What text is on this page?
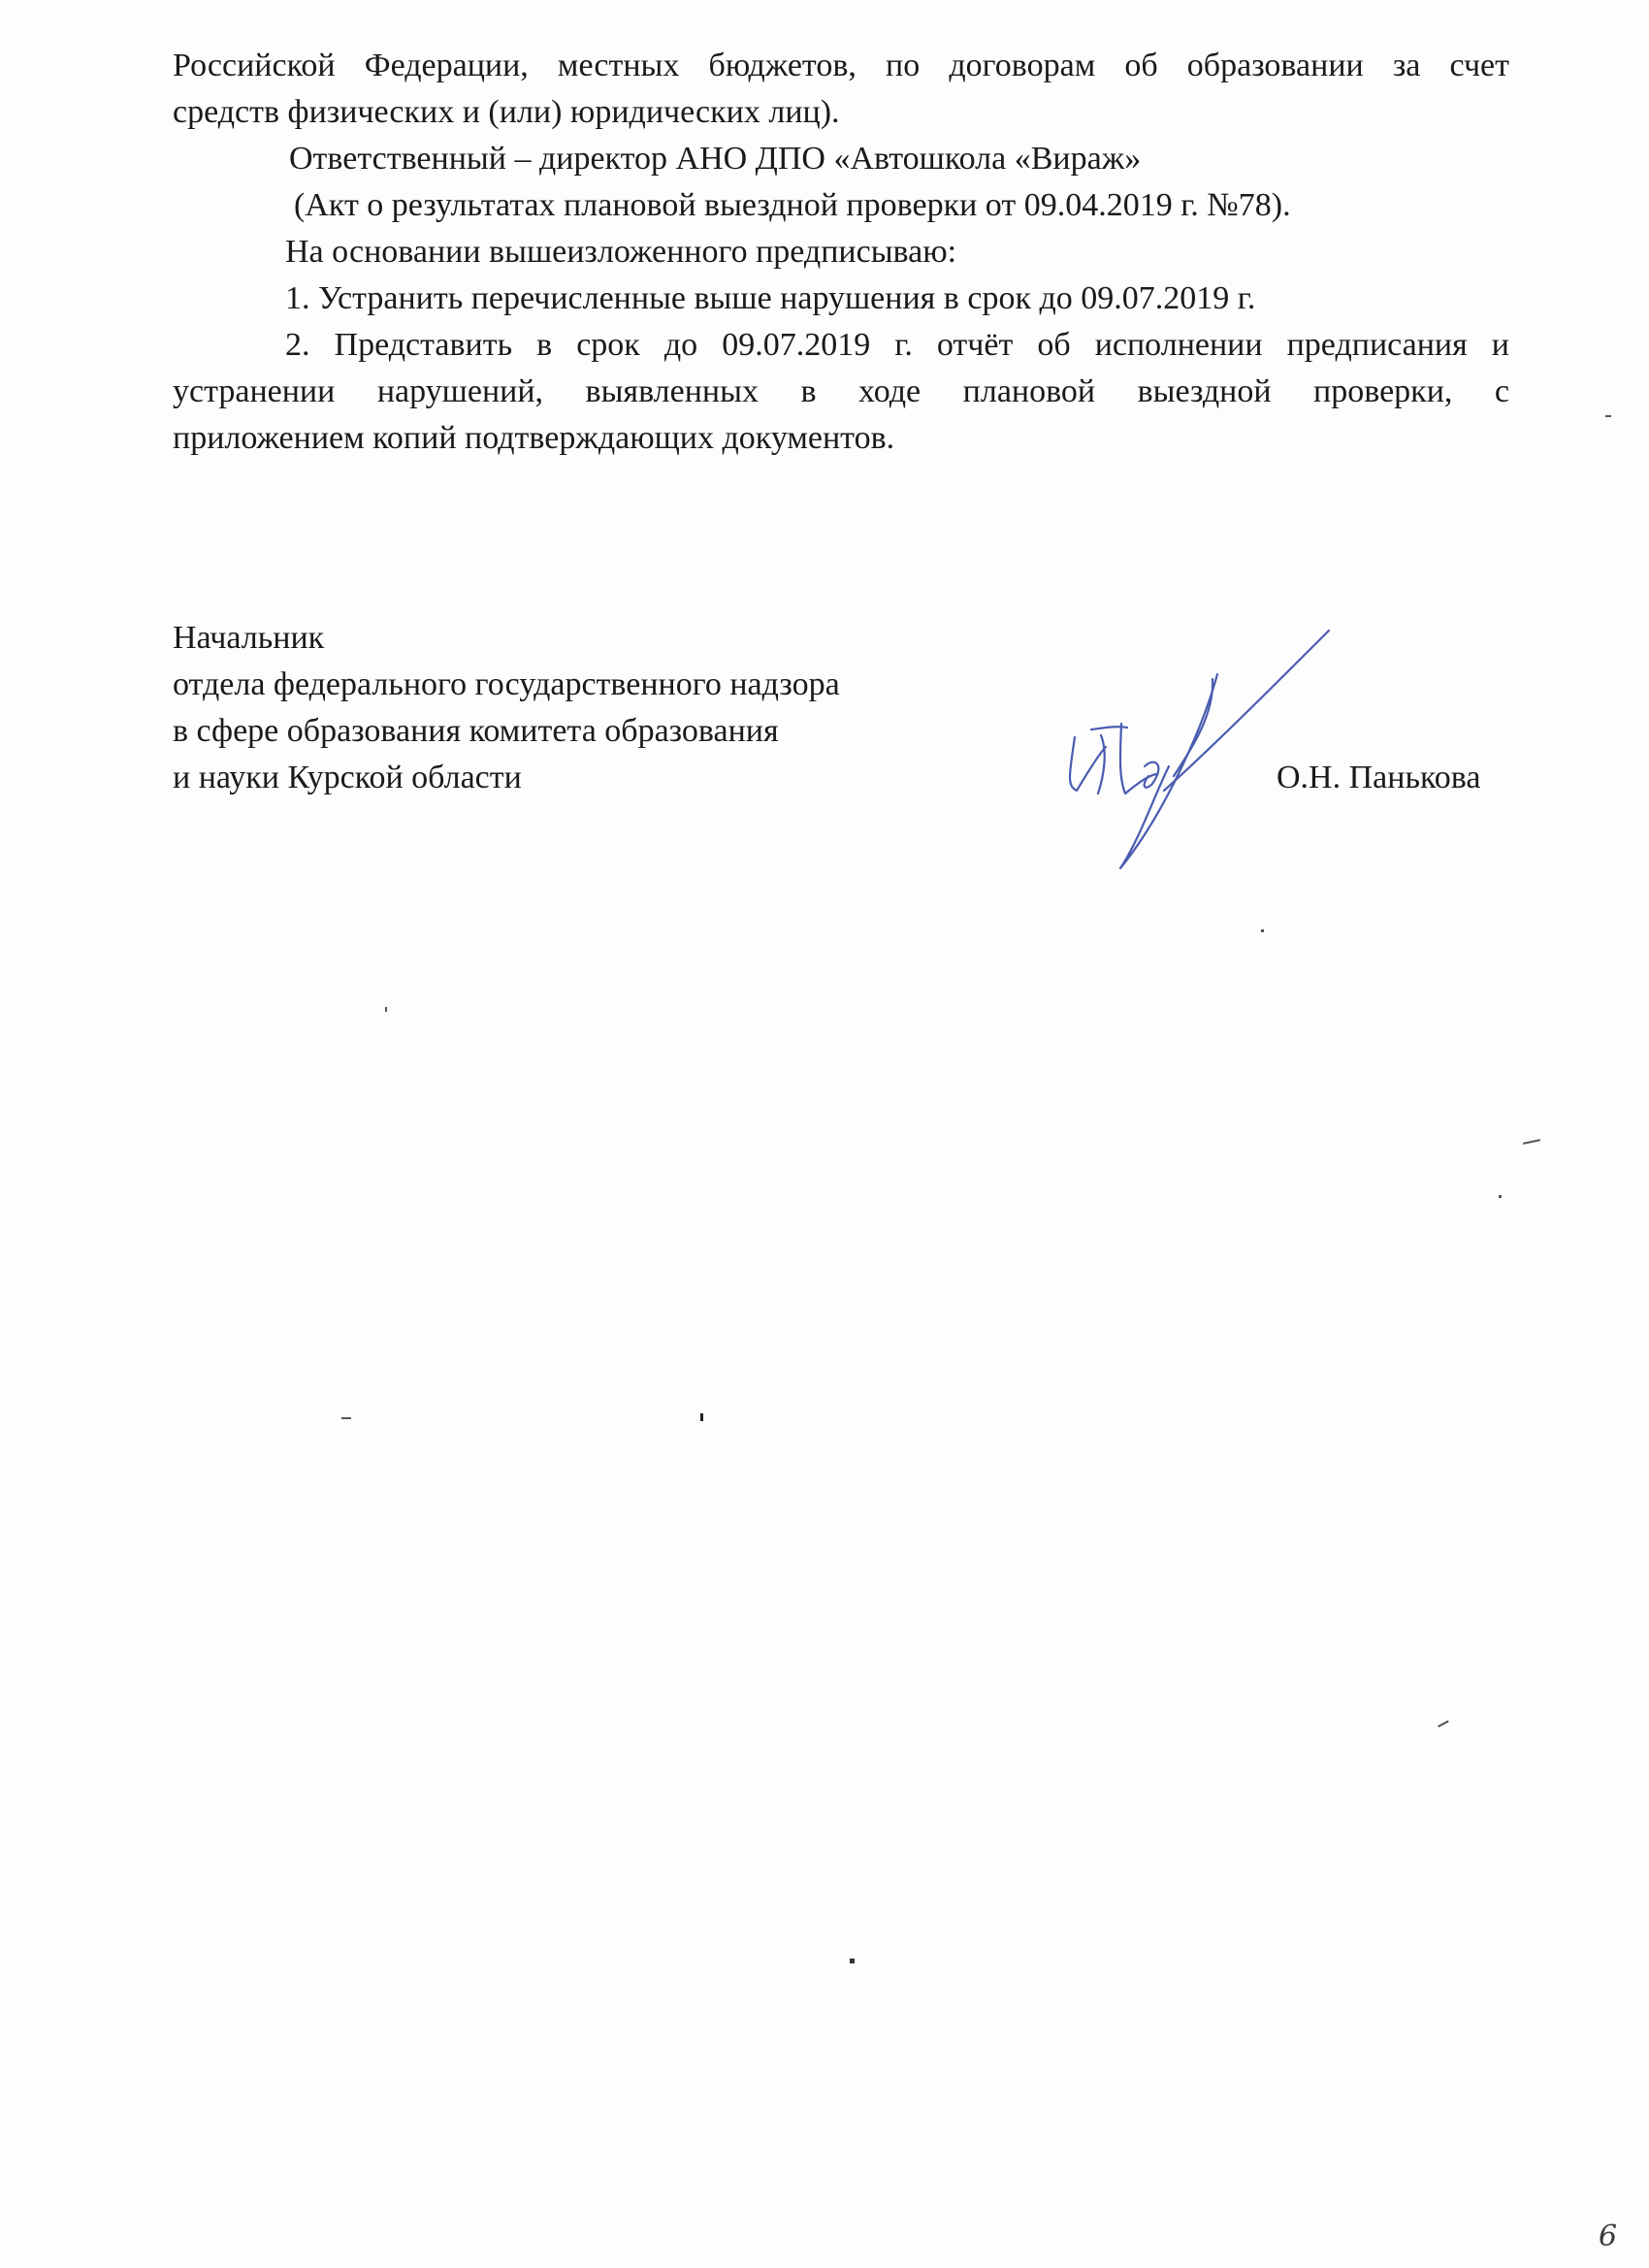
Российской Федерации, местных бюджетов, по договорам об образовании за счет
средств физических и (или) юридических лиц).

Ответственный – директор АНО ДПО «Автошкола «Вираж»

(Акт о результатах плановой выездной проверки от 09.04.2019 г. №78).

На основании вышеизложенного предписываю:

1. Устранить перечисленные выше нарушения в срок до 09.07.2019 г.

2. Представить в срок до 09.07.2019 г. отчёт об исполнении предписания и
устранении нарушений, выявленных в ходе плановой выездной проверки, с
приложением копий подтверждающих документов.

Начальник
отдела федерального государственного надзора
в сфере образования комитета образования
и науки Курской области	О.Н. Панькова
6
